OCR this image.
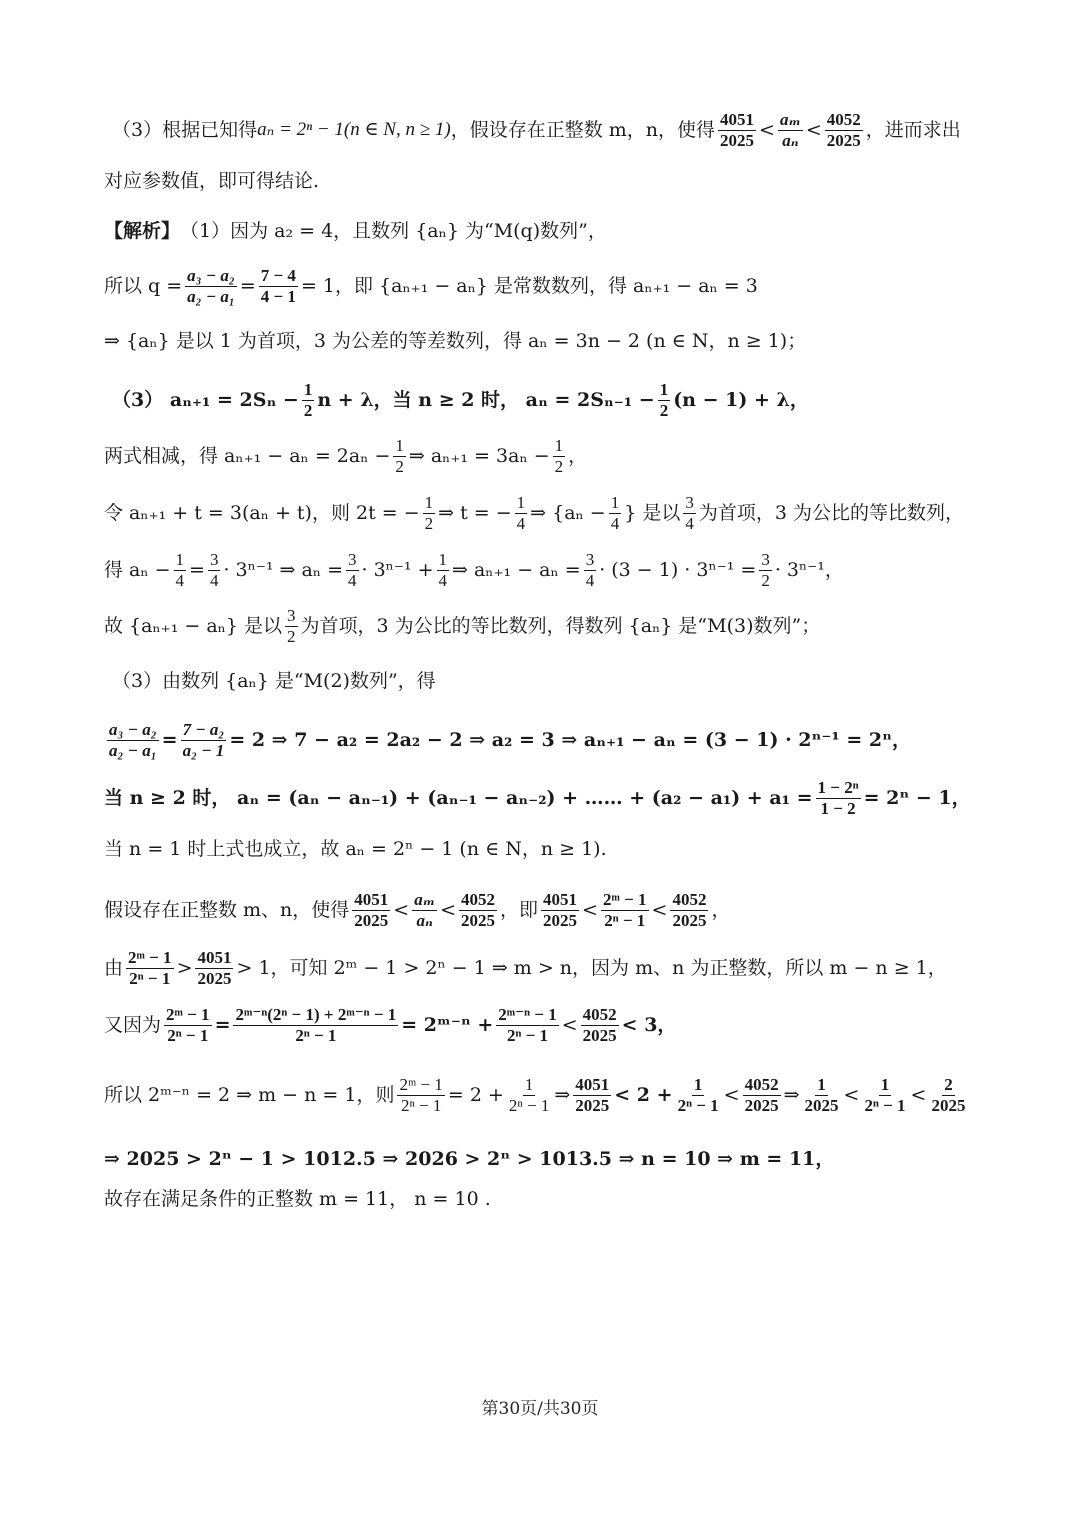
（3）根据已知得 aₙ = 2ⁿ − 1(n ∈ N, n ≥ 1) ，假设存在正整数 m，n，使得 $\frac{4051}{2025} < \frac{\text{aₘ}}{\text{aₙ}} < \frac{4052}{2025}$ ，进而求出
对应参数值，即可得结论.
【解析】 （1）因为 a₂ = 4，且数列 {aₙ} 为“M(q)数列”，
所以 $q = \frac{\text{a₃ − a₂}}{\text{a₂ − a₁}} = \frac{7 - 4}{4 - 1} = 1$，即 {aₙ₊₁ − aₙ} 是常数数列，得 aₙ₊₁ − aₙ = 3
⇒ {aₙ} 是以 1 为首项，3 为公差的等差数列，得 aₙ = 3n − 2 (n ∈ N，n ≥ 1)；
（3） $a_{n+1} = 2S_n - \frac{1}{2}$ n + λ，当 n ≥ 2 时， $a_n = 2S_{n-1} - \frac{1}{2} (n - 1) + \lambda$，
两式相减，得 $a_{n+1} - a_n = 2a_n - \frac{1}{2}$ ⇒ $a_{n+1} = 3a_n - \frac{1}{2}$ ，
令 aₙ₊₁ + t = 3(aₙ + t)，则 2t = − $\frac{1}{2}$ ⇒ t = − $\frac{1}{4}$ ⇒ {$a_n - \frac{1}{4}$ } 是以 $\frac{3}{4}$ 为首项，3 为公比的等比数列，
得 $a_n - \frac{1}{4} = \frac{3}{4} \cdot 3^{n-1}$ ⇒ $a_n = \frac{3}{4} \cdot 3^{n-1} + \frac{1}{4}$ ⇒ $a_{n+1} - a_n = \frac{3}{4} \cdot (3 - 1) \cdot 3^{n-1} = \frac{3}{2} \cdot 3^{n-1}$，
故 {aₙ₊₁ − aₙ} 是以 $\frac{3}{2}$ 为首项，3 为公比的等比数列，得数列 {aₙ} 是“M(3)数列”；
（3）由数列 {aₙ} 是“M(2)数列”，得
$\frac{\text{a₃ − a₂}}{\text{a₂ − a₁}} = \frac{\text{7 − a₂}}{\text{a₂ − 1}} = 2$ ⇒ 7 − a₂ = 2a₂ − 2 ⇒ a₂ = 3 ⇒ aₙ₊₁ − aₙ = (3 − 1) · 2ⁿ⁻¹ = 2ⁿ，
当 n ≥ 2 时， aₙ = (aₙ − aₙ₋₁) + (aₙ₋₁ − aₙ₋₂) + …… + $(a_2 - a_1) + a_1 = \frac{\text{1 − 2ⁿ}}{1 - 2} = 2^n - 1$，
当 n = 1 时上式也成立，故 aₙ = 2ⁿ − 1 (n ∈ N，n ≥ 1).
假设存在正整数 m、n，使得 $\frac{4051}{2025} < \frac{\text{aₘ}}{\text{aₙ}} < \frac{4052}{2025}$ ，即 $\frac{4051}{2025} < \frac{\text{2ᵐ − 1}}{\text{2ⁿ − 1}} < \frac{4052}{2025}$ ，
由 $\frac{\text{2ᵐ − 1}}{\text{2ⁿ − 1}} > \frac{4051}{2025} > 1$，可知 2ᵐ − 1 > 2ⁿ − 1 ⇒ m > n，因为 m、n 为正整数，所以 m − n ≥ 1，
又因为 $\frac{\text{2ᵐ − 1}}{\text{2ⁿ − 1}} = \frac{\text{2ᵐ⁻ⁿ(2ⁿ − 1) + 2ᵐ⁻ⁿ − 1}}{\text{2ⁿ − 1}}$ = 2ᵐ⁻ⁿ + $\frac{\text{2ᵐ⁻ⁿ − 1}}{\text{2ⁿ − 1}} < \frac{4052}{2025} < 3$，
所以 2ᵐ⁻ⁿ = 2 ⇒ m − n = 1，则 $\frac{\text{2ᵐ − 1}}{\text{2ⁿ − 1}} = 2 + \frac{1}{\text{2ⁿ − 1}}$ ⇒ $\frac{4051}{2025} < 2 + \frac{1}{\text{2ⁿ − 1}} < \frac{4052}{2025}$ ⇒ $\frac{1}{2025} < \frac{1}{\text{2ⁿ − 1}} < \frac{2}{2025}$
⇒ 2025 > 2ⁿ − 1 > 1012.5 ⇒ 2026 > 2ⁿ > 1013.5 ⇒ n = 10 ⇒ m = 11，
故存在满足条件的正整数 m = 11， n = 10 .
第30页/共30页
